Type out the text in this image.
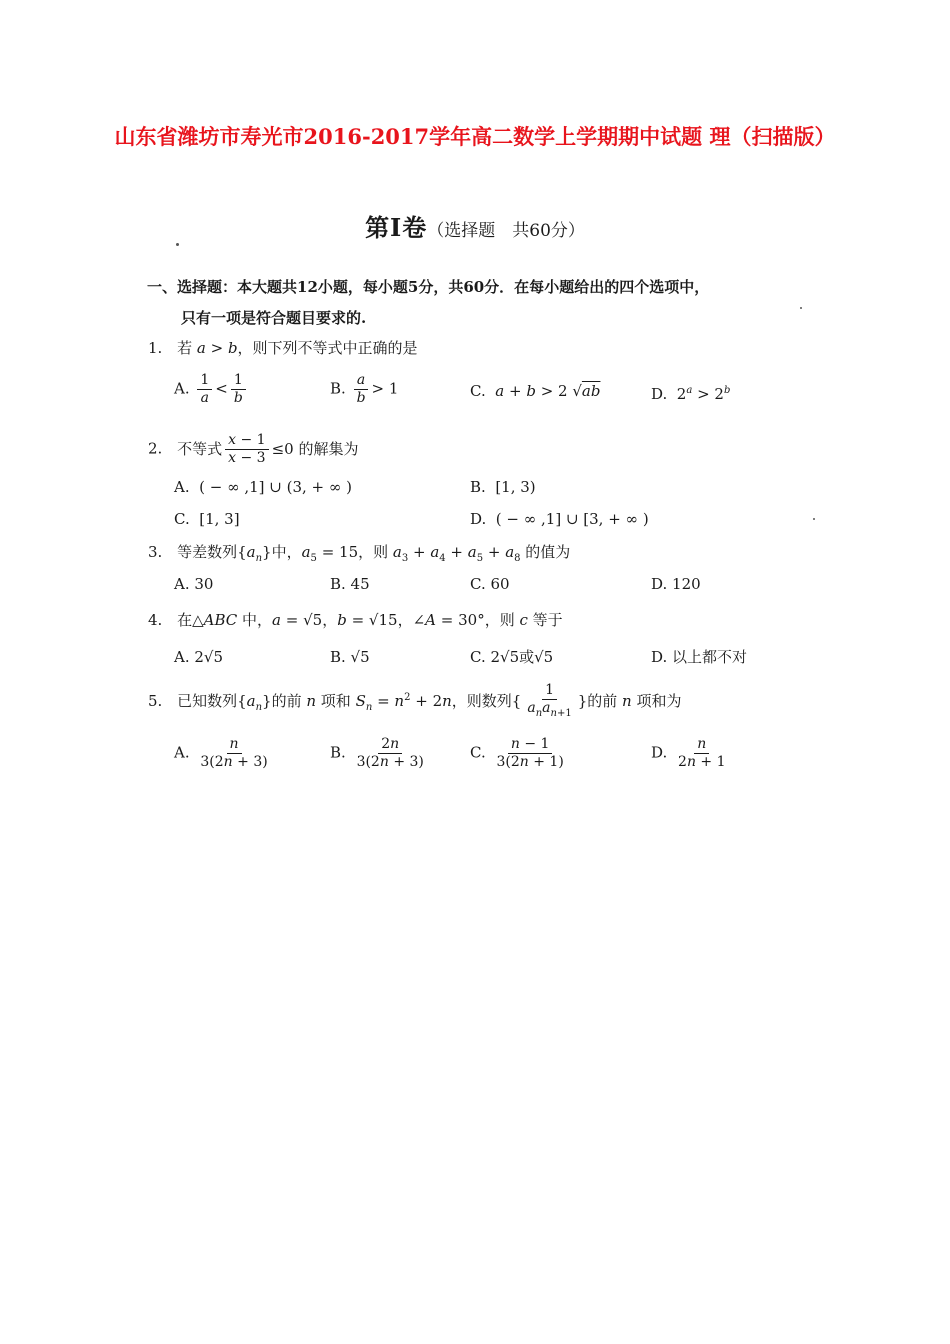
山东省潍坊市寿光市2016-2017学年高二数学上学期期中试题 理（扫描版）
第Ⅰ卷（选择题　共60分）
一、选择题：本大题共12小题，每小题5分，共60分．在每小题给出的四个选项中，
只有一项是符合题目要求的.
1. 若 a > b，则下列不等式中正确的是
A. $\frac{1}{a} < \frac{1}{b}$	B. $\frac{a}{b} > 1$	C.  a + b > 2 √ab	D.  $2^a > 2^b$
2. 不等式 $\frac{x - 1}{x - 3} \le 0$ 的解集为
A.  ( − ∞ ,1] ∪ (3, + ∞ )	B.  [1, 3)
C.  [1, 3]	D.  ( − ∞ ,1] ∪ [3, + ∞ )
3. 等差数列$\{a_n\}$中，$a_5 = 15$，则 $a_3 + a_4 + a_5 + a_8$ 的值为
A. 30	B. 45	C. 60	D. 120
4. 在△ABC 中，a = √5，b = √15，∠A = 30°，则 c 等于
A. 2√5	B. √5	C. 2√5或√5	D. 以上都不对
5. 已知数列$\{a_n\}$的前 n 项和 $S_n = n^2 + 2n$，则数列{ $\frac{1}{a_na_{n+1}}$ }的前 n 项和为
A. $\frac{n}{3(2n + 3)}$	B. $\frac{2n}{3(2n + 3)}$	C. $\frac{n - 1}{3(2n + 1)}$	D. $\frac{n}{2n + 1}$
